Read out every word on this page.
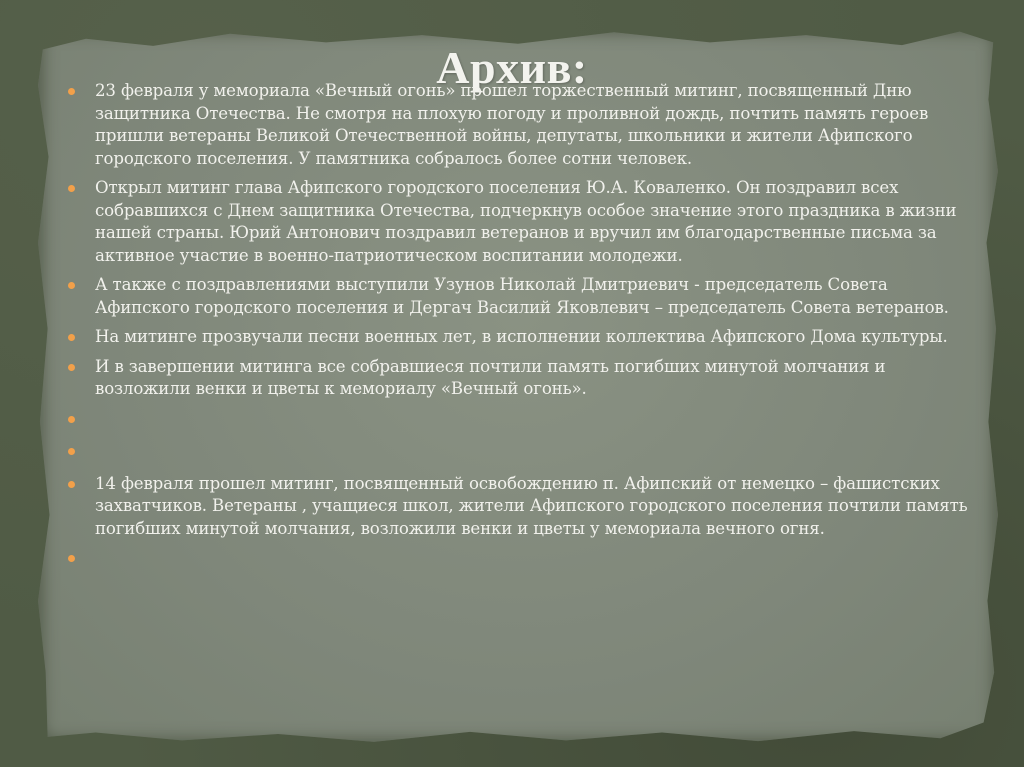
Архив:
23 февраля у мемориала «Вечный огонь» прошел торжественный митинг, посвященный Дню защитника Отечества. Не смотря на плохую погоду и проливной дождь, почтить память героев пришли ветераны Великой Отечественной войны, депутаты, школьники и жители Афипского городского поселения. У памятника собралось более сотни человек.
Открыл митинг глава Афипского городского поселения Ю.А. Коваленко. Он поздравил всех собравшихся с Днем защитника Отечества, подчеркнув особое значение этого праздника в жизни нашей страны. Юрий Антонович поздравил ветеранов и вручил им благодарственные письма за активное участие в военно-патриотическом воспитании молодежи.
А также с поздравлениями выступили Узунов Николай Дмитриевич - председатель Совета Афипского городского поселения и Дергач Василий Яковлевич – председатель Совета ветеранов.
На митинге прозвучали песни военных лет, в исполнении коллектива Афипского Дома культуры.
И в завершении митинга все собравшиеся почтили память погибших минутой молчания и возложили венки и цветы к мемориалу «Вечный огонь».
14 февраля прошел митинг, посвященный освобождению п. Афипский от немецко – фашистских захватчиков. Ветераны , учащиеся школ, жители Афипского городского поселения почтили память погибших минутой молчания, возложили венки и цветы у мемориала вечного огня.
